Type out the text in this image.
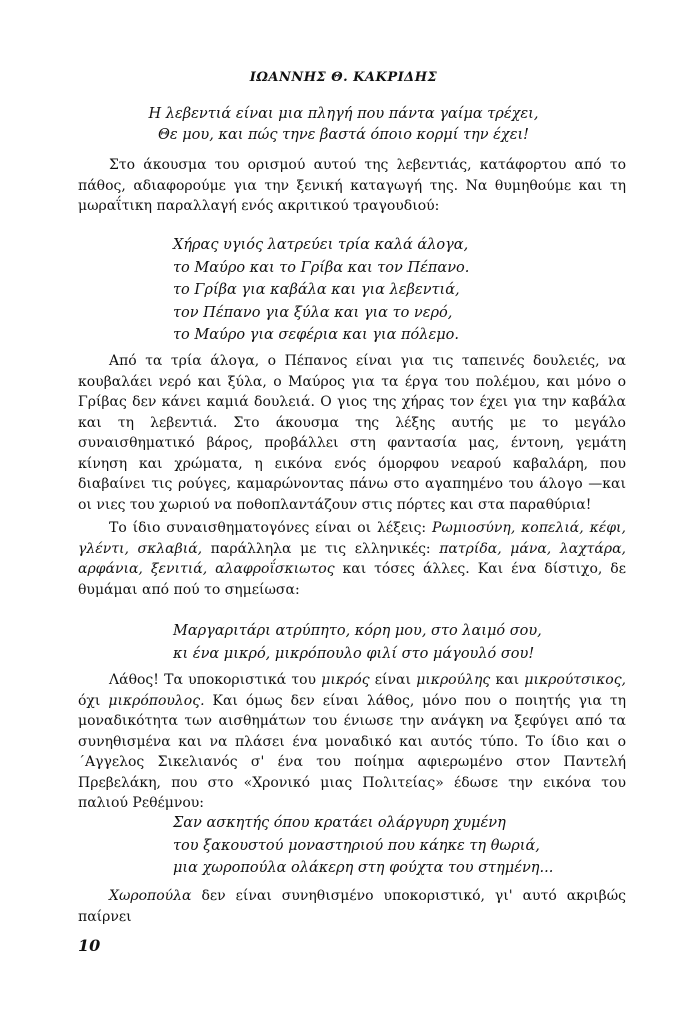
ΙΩΑΝΝΗΣ Θ. ΚΑΚΡΙΔΗΣ
Η λεβεντιά είναι μια πληγή που πάντα γαίμα τρέχει,
Θε μου, και πώς τηνε βαστά όποιο κορμί την έχει!

Στο άκουσμα του ορισμού αυτού της λεβεντιάς, κατάφορτου από το πάθος, αδιαφορούμε για την ξενική καταγωγή της. Να θυμηθούμε και τη μωραΐτικη παραλλαγή ενός ακριτικού τραγουδιού:

Χήρας υγιός λατρεύει τρία καλά άλογα,
το Μαύρο και το Γρίβα και τον Πέπανο.
το Γρίβα για καβάλα και για λεβεντιά,
τον Πέπανο για ξύλα και για το νερό,
το Μαύρο για σεφέρια και για πόλεμο.

Από τα τρία άλογα, ο Πέπανος είναι για τις ταπεινές δουλειές, να κουβαλάει νερό και ξύλα, ο Μαύρος για τα έργα του πολέμου, και μόνο ο Γρίβας δεν κάνει καμιά δουλειά. Ο γιος της χήρας τον έχει για την καβάλα και τη λεβεντιά. Στο άκουσμα της λέξης αυτής με το μεγάλο συναισθηματικό βάρος, προβάλλει στη φαντασία μας, έντονη, γεμάτη κίνηση και χρώματα, η εικόνα ενός όμορφου νεαρού καβαλάρη, που διαβαίνει τις ρούγες, καμαρώνοντας πάνω στο αγαπημένο του άλογο —και οι νιες του χωριού να ποθοπλαντάζουν στις πόρτες και στα παραθύρια!

Το ίδιο συναισθηματογόνες είναι οι λέξεις: Ρωμιοσύνη, κοπελιά, κέφι, γλέντι, σκλαβιά, παράλληλα με τις ελληνικές: πατρίδα, μάνα, λαχτάρα, αρφάνια, ξενιτιά, αλαφροΐσκιωτος και τόσες άλλες. Και ένα δίστιχο, δε θυμάμαι από πού το σημείωσα:

Μαργαριτάρι ατρύπητο, κόρη μου, στο λαιμό σου,
κι ένα μικρό, μικρόπουλο φιλί στο μάγουλό σου!

Λάθος! Τα υποκοριστικά του μικρός είναι μικρούλης και μικρούτσικος, όχι μικρόπουλος. Και όμως δεν είναι λάθος, μόνο που ο ποιητής για τη μοναδικότητα των αισθημάτων του ένιωσε την ανάγκη να ξεφύγει από τα συνηθισμένα και να πλάσει ένα μοναδικό και αυτός τύπο. Το ίδιο και ο ΄Αγγελος Σικελιανός σ' ένα του ποίημα αφιερωμένο στον Παντελή Πρεβελάκη, που στο «Χρονικό μιας Πολιτείας» έδωσε την εικόνα του παλιού Ρεθέμνου:

Σαν ασκητής όπου κρατάει ολάργυρη χυμένη
του ξακουστού μοναστηριού που κάηκε τη θωριά,
μια χωροπούλα ολάκερη στη φούχτα του στημένη...

Χωροπούλα δεν είναι συνηθισμένο υποκοριστικό, γι' αυτό ακριβώς παίρνει

10
